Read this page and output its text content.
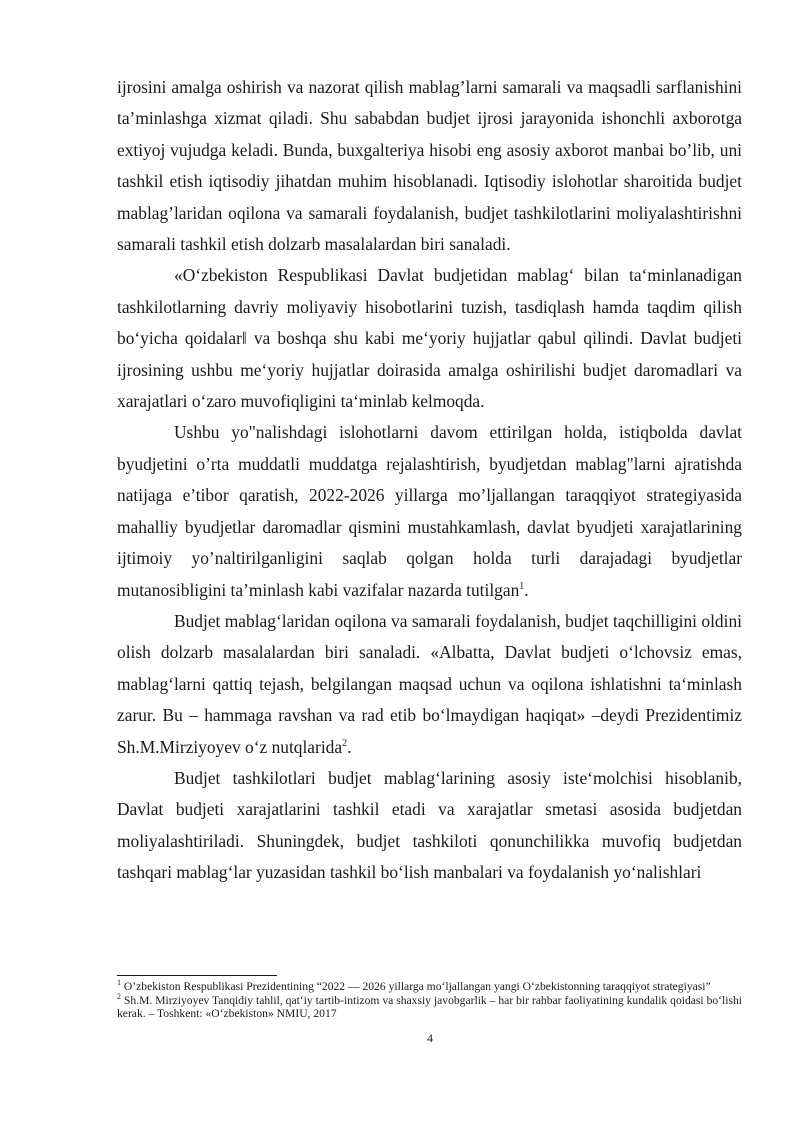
ijrosini amalga oshirish va nazorat qilish mablag’larni samarali va maqsadli sarflanishini ta’minlashga xizmat qiladi. Shu sababdan budjet ijrosi jarayonida ishonchli axborotga extiyoj vujudga keladi. Bunda, buxgalteriya hisobi eng asosiy axborot manbai bo’lib, uni tashkil etish iqtisodiy jihatdan muhim hisoblanadi. Iqtisodiy islohotlar sharoitida budjet mablag’laridan oqilona va samarali foydalanish, budjet tashkilotlarini moliyalashtirishni samarali tashkil etish dolzarb masalalardan biri sanaladi.

«O‘zbekiston Respublikasi Davlat budjetidan mablag‘ bilan ta‘minlanadigan tashkilotlarning davriy moliyaviy hisobotlarini tuzish, tasdiqlash hamda taqdim qilish bo‘yicha qoidalar‖ va boshqa shu kabi me‘yoriy hujjatlar qabul qilindi. Davlat budjeti ijrosining ushbu me‘yoriy hujjatlar doirasida amalga oshirilishi budjet daromadlari va xarajatlari o‘zaro muvofiqligini ta‘minlab kelmoqda.

Ushbu yo"nalishdagi islohotlarni davom ettirilgan holda, istiqbolda davlat byudjetini o’rta muddatli muddatga rejalashtirish, byudjetdan mablag"larni ajratishda natijaga e’tibor qaratish, 2022-2026 yillarga mo’ljallangan taraqqiyot strategiyasida mahalliy byudjetlar daromadlar qismini mustahkamlash, davlat byudjeti xarajatlarining ijtimoiy yo’naltirilganligini saqlab qolgan holda turli darajadagi byudjetlar mutanosibligini ta’minlash kabi vazifalar nazarda tutilgan$^1$.

Budjet mablag‘laridan oqilona va samarali foydalanish, budjet taqchilligini oldini olish dolzarb masalalardan biri sanaladi. «Albatta, Davlat budjeti o‘lchovsiz emas, mablag‘larni qattiq tejash, belgilangan maqsad uchun va oqilona ishlatishni ta‘minlash zarur. Bu – hammaga ravshan va rad etib bo‘lmaydigan haqiqat» –deydi Prezidentimiz Sh.M.Mirziyoyev o‘z nutqlarida$^2$.

Budjet tashkilotlari budjet mablag‘larining asosiy iste‘molchisi hisoblanib, Davlat budjeti xarajatlarini tashkil etadi va xarajatlar smetasi asosida budjetdan moliyalashtiriladi. Shuningdek, budjet tashkiloti qonunchilikka muvofiq budjetdan tashqari mablag‘lar yuzasidan tashkil bo‘lish manbalari va foydalanish yo‘nalishlari

$^1$ O’zbekiston Respublikasi Prezidentining “2022 — 2026 yillarga mo‘ljallangan yangi O‘zbekistonning taraqqiyot strategiyasi”

$^2$ Sh.M. Mirziyoyev Tanqidiy tahlil, qat‘iy tartib-intizom va shaxsiy javobgarlik – har bir rahbar faoliyatining kundalik qoidasi bo‘lishi kerak. – Toshkent: «O‘zbekiston» NMIU, 2017

4
